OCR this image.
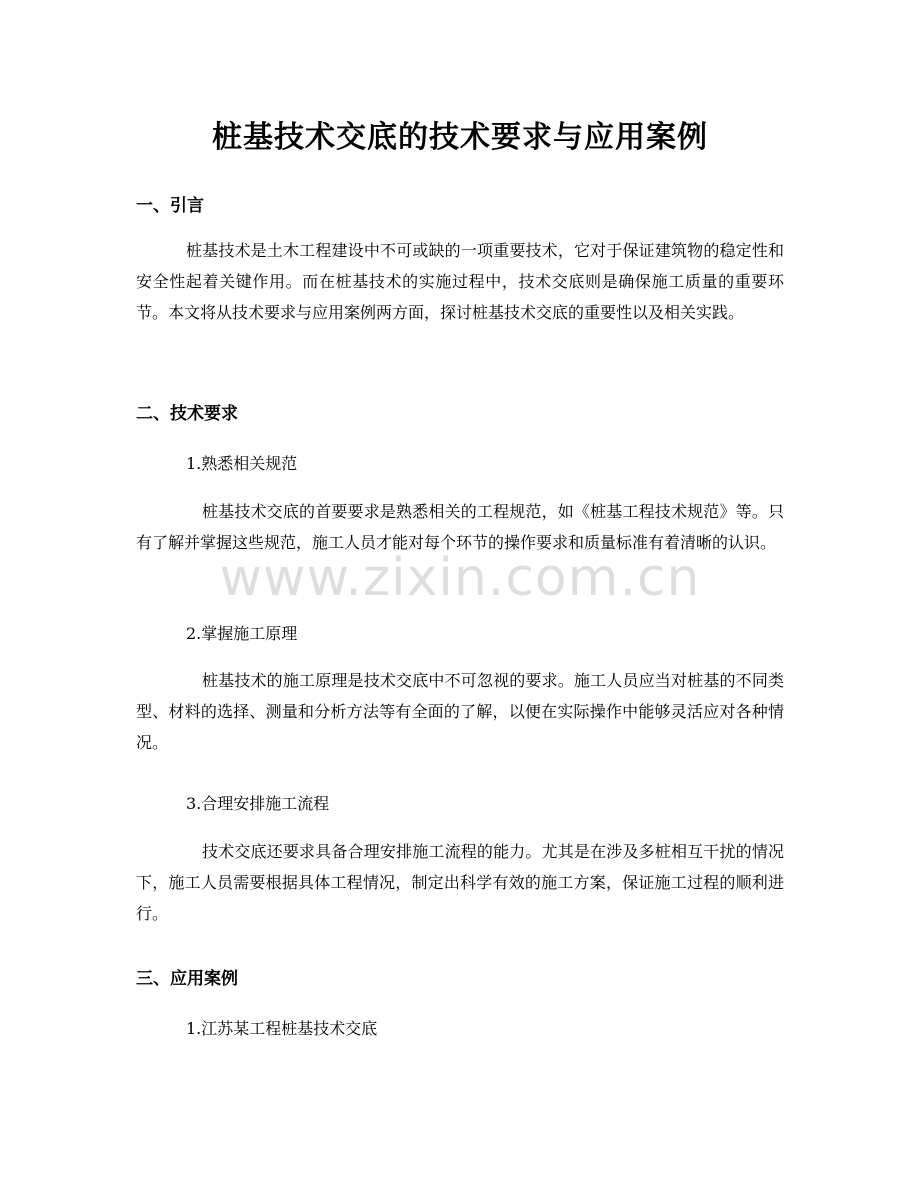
桩基技术交底的技术要求与应用案例
一、引言

桩基技术是土木工程建设中不可或缺的一项重要技术，它对于保证建筑物的稳定性和安全性起着关键作用。而在桩基技术的实施过程中，技术交底则是确保施工质量的重要环节。本文将从技术要求与应用案例两方面，探讨桩基技术交底的重要性以及相关实践。

二、技术要求

1.熟悉相关规范

桩基技术交底的首要要求是熟悉相关的工程规范，如《桩基工程技术规范》等。只有了解并掌握这些规范，施工人员才能对每个环节的操作要求和质量标准有着清晰的认识。

2.掌握施工原理

桩基技术的施工原理是技术交底中不可忽视的要求。施工人员应当对桩基的不同类型、材料的选择、测量和分析方法等有全面的了解，以便在实际操作中能够灵活应对各种情况。

3.合理安排施工流程

技术交底还要求具备合理安排施工流程的能力。尤其是在涉及多桩相互干扰的情况下，施工人员需要根据具体工程情况，制定出科学有效的施工方案，保证施工过程的顺利进行。

三、应用案例

1.江苏某工程桩基技术交底

www.zixin.com.cn
